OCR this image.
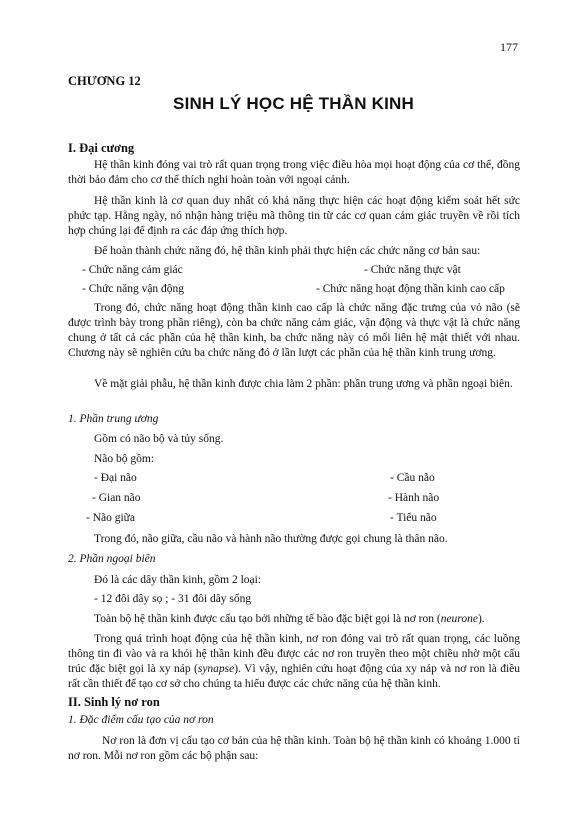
177
CHƯƠNG 12
SINH LÝ HỌC HỆ THẦN KINH
I. Đại cương
Hệ thần kinh đóng vai trò rất quan trọng trong việc điều hòa mọi hoạt động của cơ thể, đồng thời bảo đảm cho cơ thể thích nghi hoàn toàn với ngoại cảnh.
Hệ thần kinh là cơ quan duy nhất có khả năng thực hiện các hoạt động kiểm soát hết sức phức tạp. Hằng ngày, nó nhận hàng triệu mã thông tin từ các cơ quan cảm giác truyền về rồi tích hợp chúng lại để định ra các đáp ứng thích hợp.
Để hoàn thành chức năng đó, hệ thần kinh phải thực hiện các chức năng cơ bản sau:
- Chức năng cảm giác	- Chức năng thực vật
- Chức năng vận động	- Chức năng hoạt động thần kinh cao cấp
Trong đó, chức năng hoạt động thần kinh cao cấp là chức năng đặc trưng của vỏ não (sẽ được trình bày trong phần riêng), còn ba chức năng cảm giác, vận động và thực vật là chức năng chung ở tất cả các phần của hệ thần kinh, ba chức năng này có mối liên hệ mật thiết với nhau. Chương này sẽ nghiên cứu ba chức năng đó ở lần lượt các phần của hệ thần kinh trung ương.
Về mặt giải phẫu, hệ thần kinh được chia làm 2 phần: phần trung ương và phần ngoại biên.
1. Phần trung ương
Gồm có não bộ và tủy sống.
Não bộ gồm:
- Đại não	- Cầu não
- Gian não	- Hành não
- Não giữa	- Tiểu não
Trong đó, não giữa, cầu não và hành não thường được gọi chung là thân não.
2. Phần ngoại biên
Đó là các dây thần kinh, gồm 2 loại:
- 12 đôi dây sọ ; - 31 đôi dây sống
Toàn bộ hệ thần kinh được cấu tạo bởi những tế bào đặc biệt gọi là nơ ron (neurone).
Trong quá trình hoạt động của hệ thần kinh, nơ ron đóng vai trò rất quan trọng, các luồng thông tin đi vào và ra khỏi hệ thần kinh đều được các nơ ron truyền theo một chiều nhờ một cấu trúc đặc biệt gọi là xy náp (synapse). Vì vậy, nghiên cứu hoạt động của xy náp và nơ ron là điều rất cần thiết để tạo cơ sở cho chúng ta hiểu được các chức năng của hệ thần kinh.
II. Sinh lý nơ ron
1. Đặc điểm cấu tạo của nơ ron
Nơ ron là đơn vị cấu tạo cơ bản của hệ thần kinh. Toàn bộ hệ thần kinh có khoảng 1.000 tỉ nơ ron. Mỗi nơ ron gồm các bộ phận sau:
